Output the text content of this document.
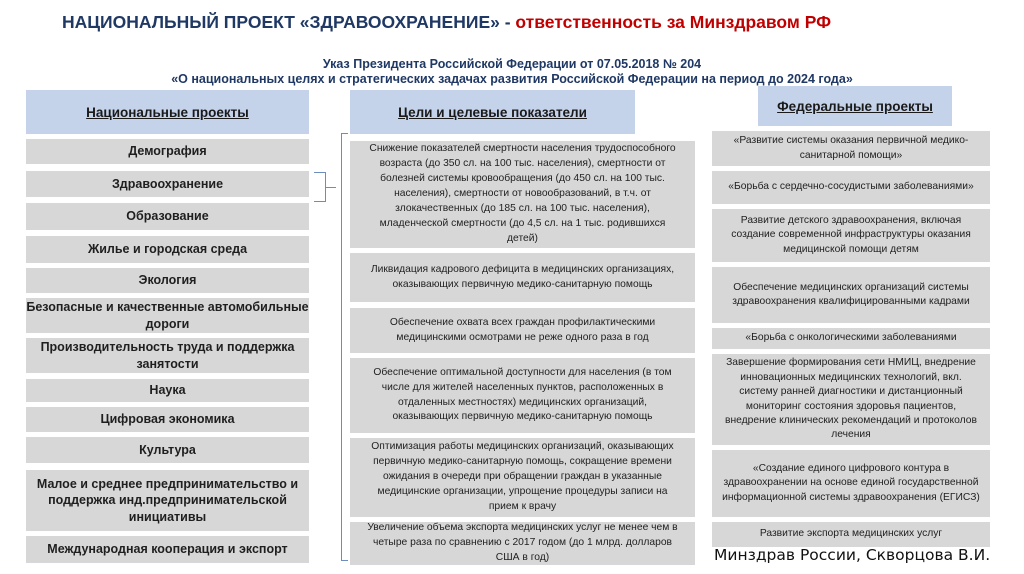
НАЦИОНАЛЬНЫЙ ПРОЕКТ «ЗДРАВООХРАНЕНИЕ» - ответственность за Минздравом РФ
Указ Президента Российской Федерации от 07.05.2018 № 204
«О национальных целях и стратегических задачах развития Российской Федерации на период до 2024 года»
Национальные проекты	Цели и целевые показатели	Федеральные проекты
Демография
Здравоохранение
Образование
Жилье и городская среда
Экология
Безопасные и качественные автомобильные дороги
Производительность труда и поддержка занятости
Наука
Цифровая экономика
Культура
Малое и среднее предпринимательство и поддержка инд.предпринимательской инициативы
Международная кооперация и экспорт
Снижение показателей смертности населения трудоспособного возраста (до 350 сл. на 100 тыс. населения), смертности от болезней системы кровообращения (до 450 сл. на 100 тыс. населения), смертности от новообразований, в т.ч. от злокачественных (до 185 сл. на 100 тыс. населения), младенческой смертности (до 4,5 сл. на 1 тыс. родившихся детей)
Ликвидация кадрового дефицита в медицинских организациях, оказывающих первичную медико-санитарную помощь
Обеспечение охвата всех граждан профилактическими медицинскими осмотрами не реже одного раза в год
Обеспечение оптимальной доступности для населения (в том числе для жителей населенных пунктов, расположенных в отдаленных местностях) медицинских организаций, оказывающих первичную медико-санитарную помощь
Оптимизация работы медицинских организаций, оказывающих первичную медико-санитарную помощь, сокращение времени ожидания в очереди при обращении граждан в указанные медицинские организации, упрощение процедуры записи на прием к врачу
Увеличение объема экспорта медицинских услуг не менее чем в четыре раза по сравнению с 2017 годом (до 1 млрд. долларов США в год)
«Развитие системы оказания первичной медико-санитарной помощи»
«Борьба с сердечно-сосудистыми заболеваниями»
Развитие детского здравоохранения, включая создание современной инфраструктуры оказания медицинской помощи детям
Обеспечение медицинских организаций системы здравоохранения квалифицированными кадрами
«Борьба с онкологическими заболеваниями
Завершение формирования сети НМИЦ, внедрение инновационных медицинских технологий, вкл. систему ранней диагностики и дистанционный мониторинг состояния здоровья пациентов, внедрение клинических рекомендаций и протоколов лечения
«Создание единого цифрового контура в здравоохранении на основе единой государственной информационной системы здравоохранения (ЕГИСЗ)
Развитие экспорта медицинских услуг
Минздрав России, Скворцова В.И.
